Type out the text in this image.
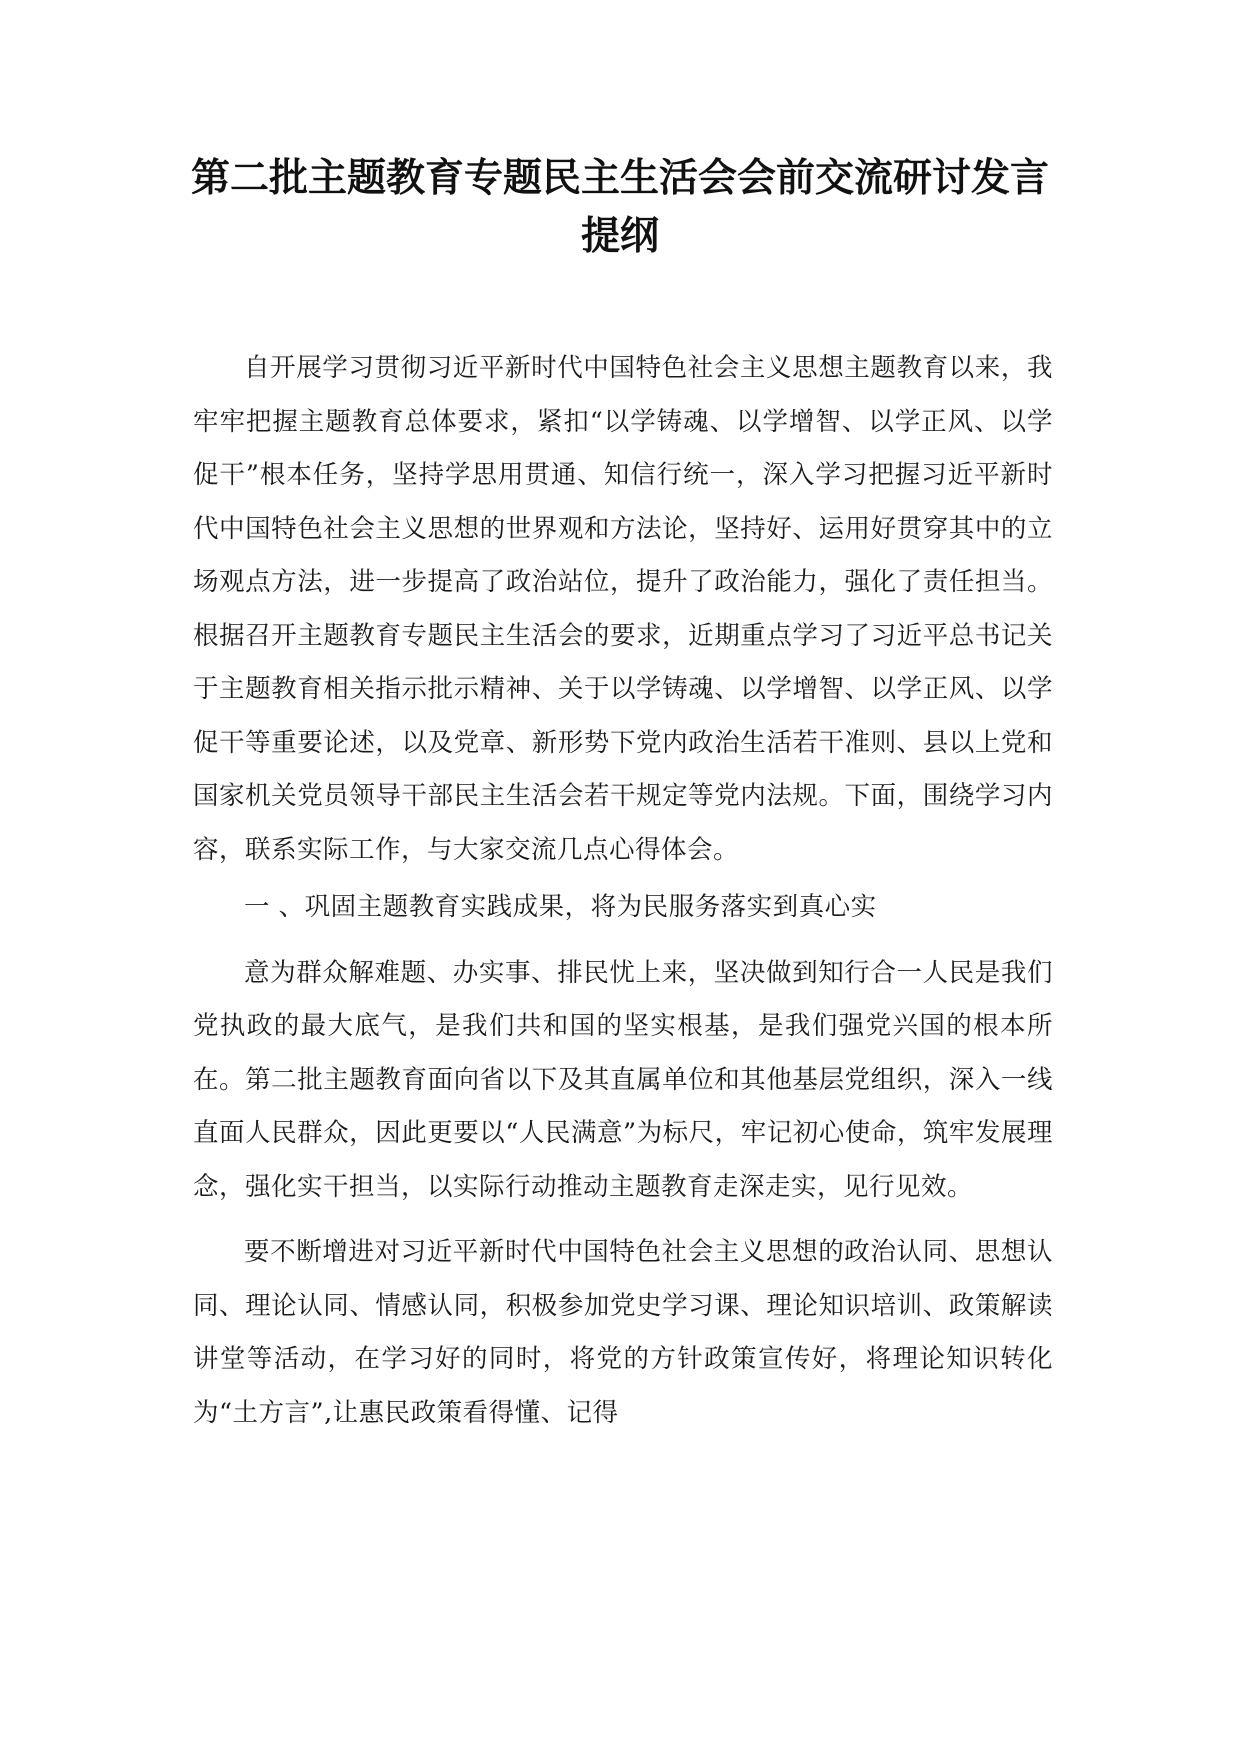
第二批主题教育专题民主生活会会前交流研讨发言
提纲

自开展学习贯彻习近平新时代中国特色社会主义思想主题教育以来，我牢牢把握主题教育总体要求，紧扣“以学铸魂、以学增智、以学正风、以学促干”根本任务，坚持学思用贯通、知信行统一，深入学习把握习近平新时代中国特色社会主义思想的世界观和方法论，坚持好、运用好贯穿其中的立场观点方法，进一步提高了政治站位，提升了政治能力，强化了责任担当。根据召开主题教育专题民主生活会的要求，近期重点学习了习近平总书记关于主题教育相关指示批示精神、关于以学铸魂、以学增智、以学正风、以学促干等重要论述，以及党章、新形势下党内政治生活若干准则、县以上党和国家机关党员领导干部民主生活会若干规定等党内法规。下面，围绕学习内容，联系实际工作，与大家交流几点心得体会。

一 、巩固主题教育实践成果，将为民服务落实到真心实

意为群众解难题、办实事、排民忧上来，坚决做到知行合一人民是我们党执政的最大底气，是我们共和国的坚实根基，是我们强党兴国的根本所在。第二批主题教育面向省以下及其直属单位和其他基层党组织，深入一线直面人民群众，因此更要以“人民满意”为标尺，牢记初心使命，筑牢发展理念，强化实干担当，以实际行动推动主题教育走深走实，见行见效。

要不断增进对习近平新时代中国特色社会主义思想的政治认同、思想认同、理论认同、情感认同，积极参加党史学习课、理论知识培训、政策解读讲堂等活动，在学习好的同时，将党的方针政策宣传好，将理论知识转化为“土方言”,让惠民政策看得懂、记得
